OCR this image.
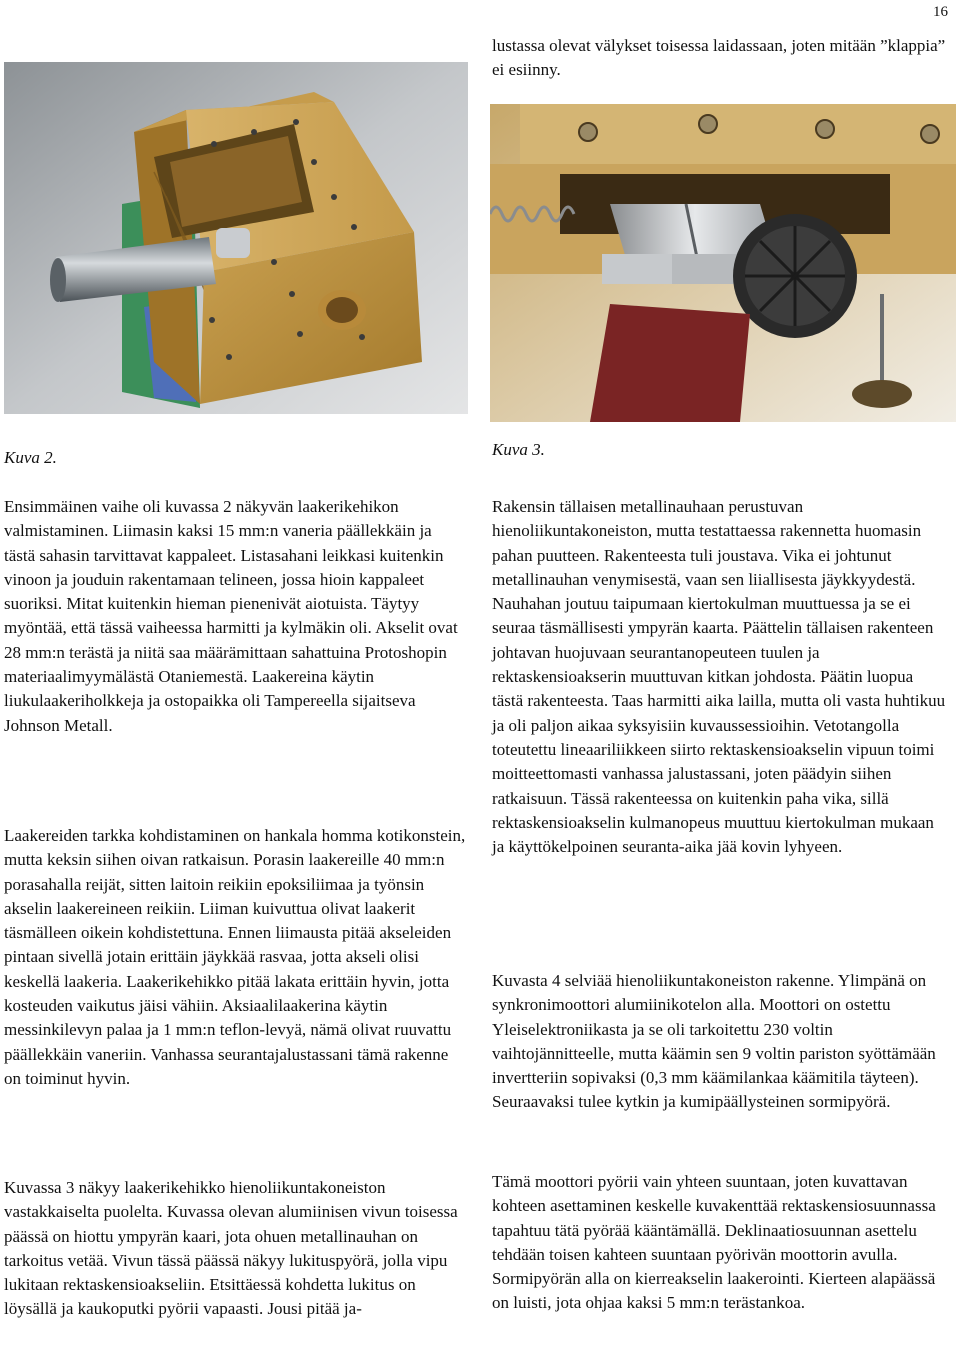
16

lustassa olevat välykset toisessa laidassaan, joten mitään ”klappia” ei esiinny.

Kuva 2.	Kuva 3.

Ensimmäinen vaihe oli kuvassa 2 näkyvän laakerikehikon valmistaminen. Liimasin kaksi 15 mm:n vaneria päällekkäin ja tästä sahasin tarvittavat kappaleet. Listasahani leikkasi kuitenkin vinoon ja jouduin rakentamaan telineen, jossa hioin kappaleet suoriksi. Mitat kuitenkin hieman pienenivät aiotuista. Täytyy myöntää, että tässä vaiheessa harmitti ja kylmäkin oli. Akselit ovat 28 mm:n terästä ja niitä saa määrämittaan sahattuina Protoshopin materiaalimyymälästä Otaniemestä. Laakereina käytin liukulaakeriholkkeja ja ostopaikka oli Tampereella sijaitseva Johnson Metall.

Laakereiden tarkka kohdistaminen on hankala homma kotikonstein, mutta keksin siihen oivan ratkaisun. Porasin laakereille 40 mm:n porasahalla reijät, sitten laitoin reikiin epoksiliimaa ja työnsin akselin laakereineen reikiin. Liiman kuivuttua olivat laakerit täsmälleen oikein kohdistettuna. Ennen liimausta pitää akseleiden pintaan sivellä jotain erittäin jäykkää rasvaa, jotta akseli olisi keskellä laakeria. Laakerikehikko pitää lakata erittäin hyvin, jotta kosteuden vaikutus jäisi vähiin. Aksiaalilaakerina käytin messinkilevyn palaa ja 1 mm:n teflon-levyä, nämä olivat ruuvattu päällekkäin vaneriin. Vanhassa seurantajalustassani tämä rakenne on toiminut hyvin.

Kuvassa 3 näkyy laakerikehikko hienoliikuntakoneiston vastakkaiselta puolelta. Kuvassa olevan alumiinisen vivun toisessa päässä on hiottu ympyrän kaari, jota ohuen metallinauhan on tarkoitus vetää. Vivun tässä päässä näkyy lukituspyörä, jolla vipu lukitaan rektaskensioakseliin. Etsittäessä kohdetta lukitus on löysällä ja kaukoputki pyörii vapaasti. Jousi pitää ja-

Rakensin tällaisen metallinauhaan perustuvan hienoliikuntakoneiston, mutta testattaessa rakennetta huomasin pahan puutteen. Rakenteesta tuli joustava. Vika ei johtunut metallinauhan venymisestä, vaan sen liiallisesta jäykkyydestä. Nauhahan joutuu taipumaan kiertokulman muuttuessa ja se ei seuraa täsmällisesti ympyrän kaarta. Päättelin tällaisen rakenteen johtavan huojuvaan seurantanopeuteen tuulen ja rektaskensioakserin muuttuvan kitkan johdosta. Päätin luopua tästä rakenteesta. Taas harmitti aika lailla, mutta oli vasta huhtikuu ja oli paljon aikaa syksyisiin kuvaussessioihin. Vetotangolla toteutettu lineaariliikkeen siirto rektaskensioakselin vipuun toimi moitteettomasti vanhassa jalustassani, joten päädyin siihen ratkaisuun. Tässä rakenteessa on kuitenkin paha vika, sillä rektaskensioakselin kulmanopeus muuttuu kiertokulman mukaan ja käyttökelpoinen seuranta-aika jää kovin lyhyeen.

Kuvasta 4 selviää hienoliikuntakoneiston rakenne. Ylimpänä on synkronimoottori alumiinikotelon alla. Moottori on ostettu Yleiselektroniikasta ja se oli tarkoitettu 230 voltin vaihtojännitteelle, mutta käämin sen 9 voltin pariston syöttämään invertteriin sopivaksi (0,3 mm käämilankaa käämitila täyteen). Seuraavaksi tulee kytkin ja kumipäällysteinen sormipyörä.

Tämä moottori pyörii vain yhteen suuntaan, joten kuvattavan kohteen asettaminen keskelle kuvakenttää rektaskensiosuunnassa tapahtuu tätä pyörää kääntämällä. Deklinaatiosuunnan asettelu tehdään toisen kahteen suuntaan pyörivän moottorin avulla. Sormipyörän alla on kierreakselin laakerointi. Kierteen alapäässä on luisti, jota ohjaa kaksi 5 mm:n terästankoa.
